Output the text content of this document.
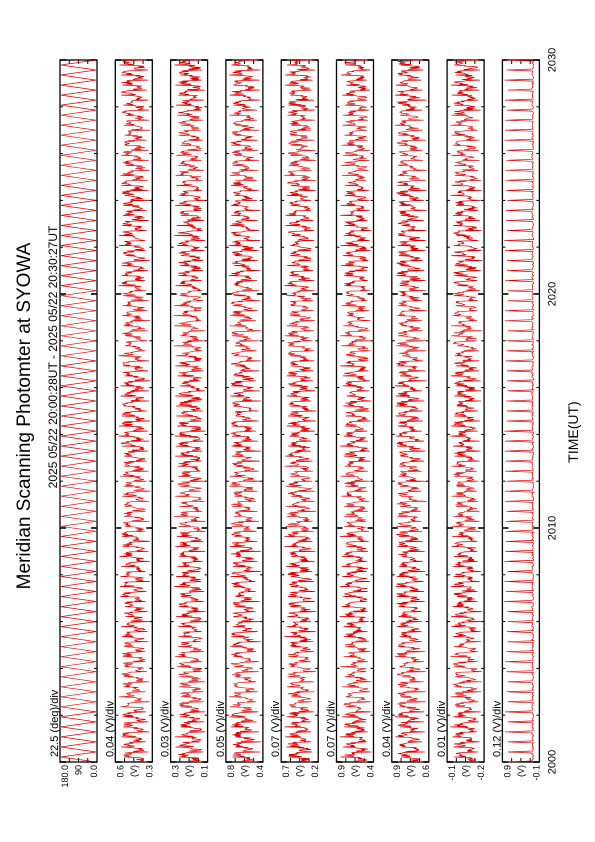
Meridian Scanning Photomter at SYOWA 2025 05/22 20:00:28UT - 2025 05/22 20:30:27UT	TIME(UT)
180.0 90 0.0
22.5 (deg)/div
0.6 (V) 0.3
0.04 (V)/div
0.3 (V) 0.1
0.03 (V)/div
0.8 (V) 0.4
0.05 (V)/div
0.7 (V) 0.2
0.07 (V)/div
0.9 (V) 0.4
0.07 (V)/div
0.9 (V) 0.6
0.04 (V)/div
-0.1 (V) -0.2
0.01 (V)/div
0.9 (V) -0.1
0.12 (V)/div
2000
2010
2020
2030
